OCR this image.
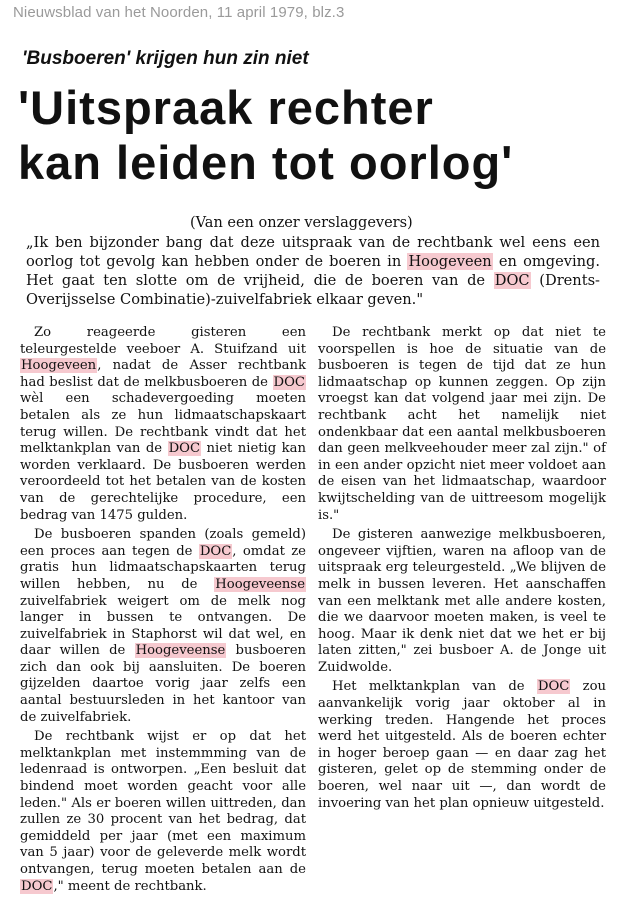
Nieuwsblad van het Noorden, 11 april 1979, blz.3
'Busboeren' krijgen hun zin niet
'Uitspraak rechter
kan leiden tot oorlog'
(Van een onzer verslaggevers)
„Ik ben bijzonder bang dat deze uitspraak van de rechtbank wel eens een oorlog tot gevolg kan hebben onder de boeren in Hoogeveen en omgeving. Het gaat ten slotte om de vrijheid, die de boeren van de DOC (Drents-Overijsselse Combinatie)-zuivelfabriek elkaar geven."

Zo reageerde gisteren een teleurgestelde veeboer A. Stuifzand uit Hoogeveen, nadat de Asser rechtbank had beslist dat de melkbusboeren de DOC wèl een schadevergoeding moeten betalen als ze hun lidmaatschapskaart terug willen. De rechtbank vindt dat het melktankplan van de DOC niet nietig kan worden verklaard. De busboeren werden veroordeeld tot het betalen van de kosten van de gerechtelijke procedure, een bedrag van 1475 gulden.

De busboeren spanden (zoals gemeld) een proces aan tegen de DOC, omdat ze gratis hun lidmaatschapskaarten terug willen hebben, nu de Hoogeveense zuivelfabriek weigert om de melk nog langer in bussen te ontvangen. De zuivelfabriek in Staphorst wil dat wel, en daar willen de Hoogeveense busboeren zich dan ook bij aansluiten. De boeren gijzelden daartoe vorig jaar zelfs een aantal bestuursleden in het kantoor van de zuivelfabriek.

De rechtbank wijst er op dat het melktankplan met instemmming van de ledenraad is ontworpen. „Een besluit dat bindend moet worden geacht voor alle leden." Als er boeren willen uittreden, dan zullen ze 30 procent van het bedrag, dat gemiddeld per jaar (met een maximum van 5 jaar) voor de geleverde melk wordt ontvangen, terug moeten betalen aan de DOC," meent de rechtbank.

De rechtbank merkt op dat niet te voorspellen is hoe de situatie van de busboeren is tegen de tijd dat ze hun lidmaatschap op kunnen zeggen. Op zijn vroegst kan dat volgend jaar mei zijn. De rechtbank acht het namelijk niet ondenkbaar dat een aantal melkbusboeren dan geen melkveehouder meer zal zijn." of in een ander opzicht niet meer voldoet aan de eisen van het lidmaatschap, waardoor kwijtschelding van de uittreesom mogelijk is."

De gisteren aanwezige melkbusboeren, ongeveer vijftien, waren na afloop van de uitspraak erg teleurgesteld. „We blijven de melk in bussen leveren. Het aanschaffen van een melktank met alle andere kosten, die we daarvoor moeten maken, is veel te hoog. Maar ik denk niet dat we het er bij laten zitten," zei busboer A. de Jonge uit Zuidwolde.

Het melktankplan van de DOC zou aanvankelijk vorig jaar oktober al in werking treden. Hangende het proces werd het uitgesteld. Als de boeren echter in hoger beroep gaan — en daar zag het gisteren, gelet op de stemming onder de boeren, wel naar uit —, dan wordt de invoering van het plan opnieuw uitgesteld.
